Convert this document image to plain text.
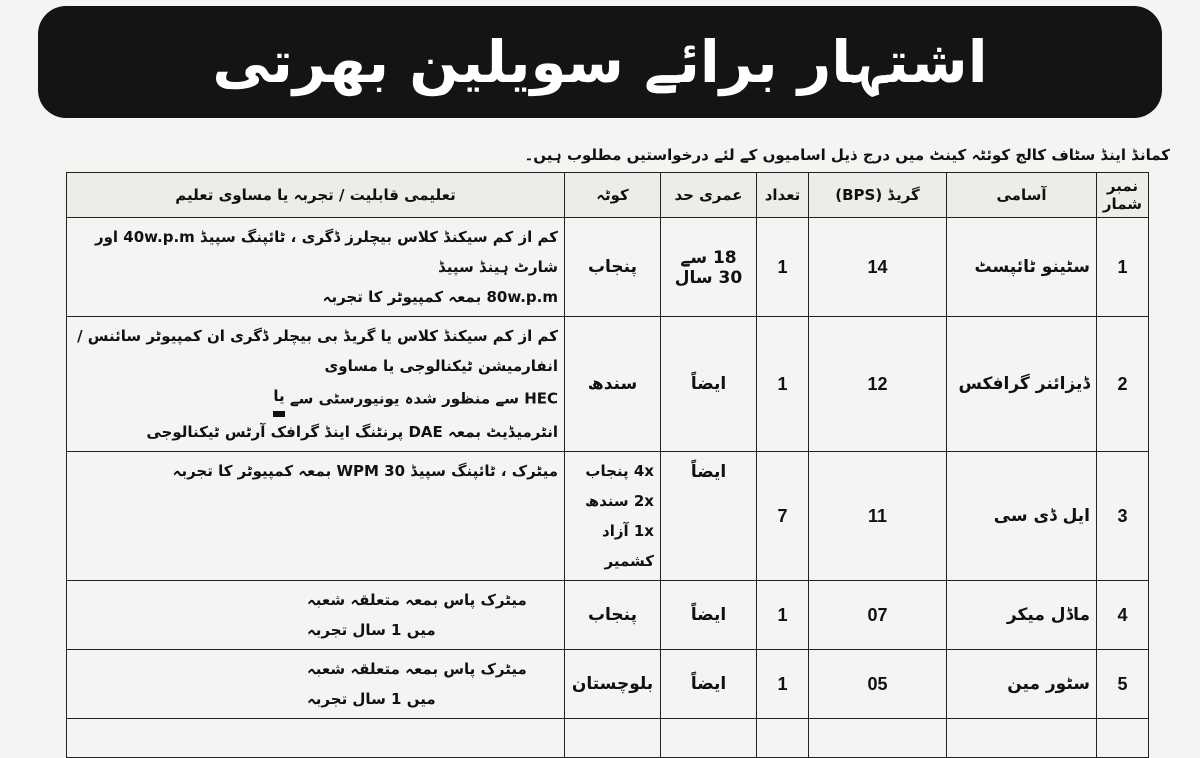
اشتہار برائے سویلین بھرتی
کمانڈ اینڈ سٹاف کالج کوئٹہ کینٹ میں درج ذیل اسامیوں کے لئے درخواستیں مطلوب ہیں۔
نمبر شمار	آسامی	گریڈ (BPS)	تعداد	عمری حد	کوٹہ	تعلیمی قابلیت / تجربہ یا مساوی تعلیم
1	سٹینو ٹائپسٹ	14	1	18 سے
30 سال	پنجاب	کم از کم سیکنڈ کلاس بیچلرز ڈگری ، ٹائپنگ سپیڈ 40w.p.m اور شارٹ ہینڈ سپیڈ
80w.p.m بمعہ کمپیوٹر کا تجربہ

2	ڈیزائنر گرافکس	12	1	ایضاً	سندھ	کم از کم سیکنڈ کلاس یا گریڈ بی بیچلر ڈگری ان کمپیوٹر سائنس / انفارمیشن ٹیکنالوجی یا مساوی
HEC سے منظور شدہ یونیورسٹی سے یا
انٹرمیڈیٹ بمعہ DAE پرنٹنگ اینڈ گرافک آرٹس ٹیکنالوجی

3	ایل ڈی سی	11	7	ایضاً	4x پنجاب
2x سندھ
1x آزاد کشمیر	میٹرک ، ٹائپنگ سپیڈ 30 WPM بمعہ کمپیوٹر کا تجربہ

4	ماڈل میکر	07	1	ایضاً	پنجاب	میٹرک پاس بمعہ متعلقہ شعبہ میں 1 سال تجربہ
5	سٹور مین	05	1	ایضاً	بلوچستان	میٹرک پاس بمعہ متعلقہ شعبہ میں 1 سال تجربہ
